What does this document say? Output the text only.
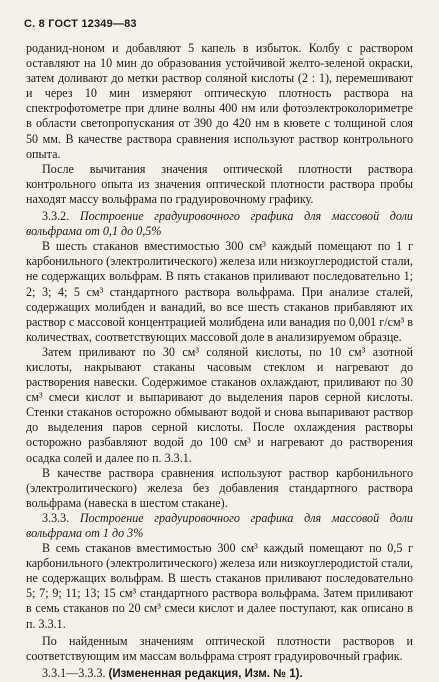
С. 8 ГОСТ 12349—83

роданид-ноном и добавляют 5 капель в избыток. Колбу с раствором оставляют на 10 мин до образования устойчивой желто-зеленой окраски, затем доливают до метки раствор соляной кислоты (2 : 1), перемешивают и через 10 мин измеряют оптическую плотность раствора на спектрофотометре при длине волны 400 нм или фотоэлектроколориметре в области светопропускания от 390 до 420 нм в кювете с толщиной слоя 50 мм. В качестве раствора сравнения используют раствор контрольного опыта.

После вычитания значения оптической плотности раствора контрольного опыта из значения оптической плотности раствора пробы находят массу вольфрама по градуировочному графику.

3.3.2. Построение градуировочного графика для массовой доли вольфрама от 0,1 до 0,5%

В шесть стаканов вместимостью 300 см³ каждый помещают по 1 г карбонильного (электролитического) железа или низкоуглеродистой стали, не содержащих вольфрам. В пять стаканов приливают последовательно 1; 2; 3; 4; 5 см³ стандартного раствора вольфрама. При анализе сталей, содержащих молибден и ванадий, во все шесть стаканов прибавляют их раствор с массовой концентрацией молибдена или ванадия по 0,001 г/см³ в количествах, соответствующих массовой доле в анализируемом образце.

Затем приливают по 30 см³ соляной кислоты, по 10 см³ азотной кислоты, накрывают стаканы часовым стеклом и нагревают до растворения навески. Содержимое стаканов охлаждают, приливают по 30 см³ смеси кислот и выпаривают до выделения паров серной кислоты. Стенки стаканов осторожно обмывают водой и снова выпаривают раствор до выделения паров серной кислоты. После охлаждения растворы осторожно разбавляют водой до 100 см³ и нагревают до растворения осадка солей и далее по п. 3.3.1.

В качестве раствора сравнения используют раствор карбонильного (электролитического) железа без добавления стандартного раствора вольфрама (навеска в шестом стакане).

3.3.3. Построение градуировочного графика для массовой доли вольфрама от 1 до 3%

В семь стаканов вместимостью 300 см³ каждый помещают по 0,5 г карбонильного (электролитического) железа или низкоуглеродистой стали, не содержащих вольфрам. В шесть стаканов приливают последовательно 5; 7; 9; 11; 13; 15 см³ стандартного раствора вольфрама. Затем приливают в семь стаканов по 20 см³ смеси кислот и далее поступают, как описано в п. 3.3.1.

По найденным значениям оптической плотности растворов и соответствующим им массам вольфрама строят градуировочный график.

3.3.1—3.3.3. (Измененная редакция, Изм. № 1).
